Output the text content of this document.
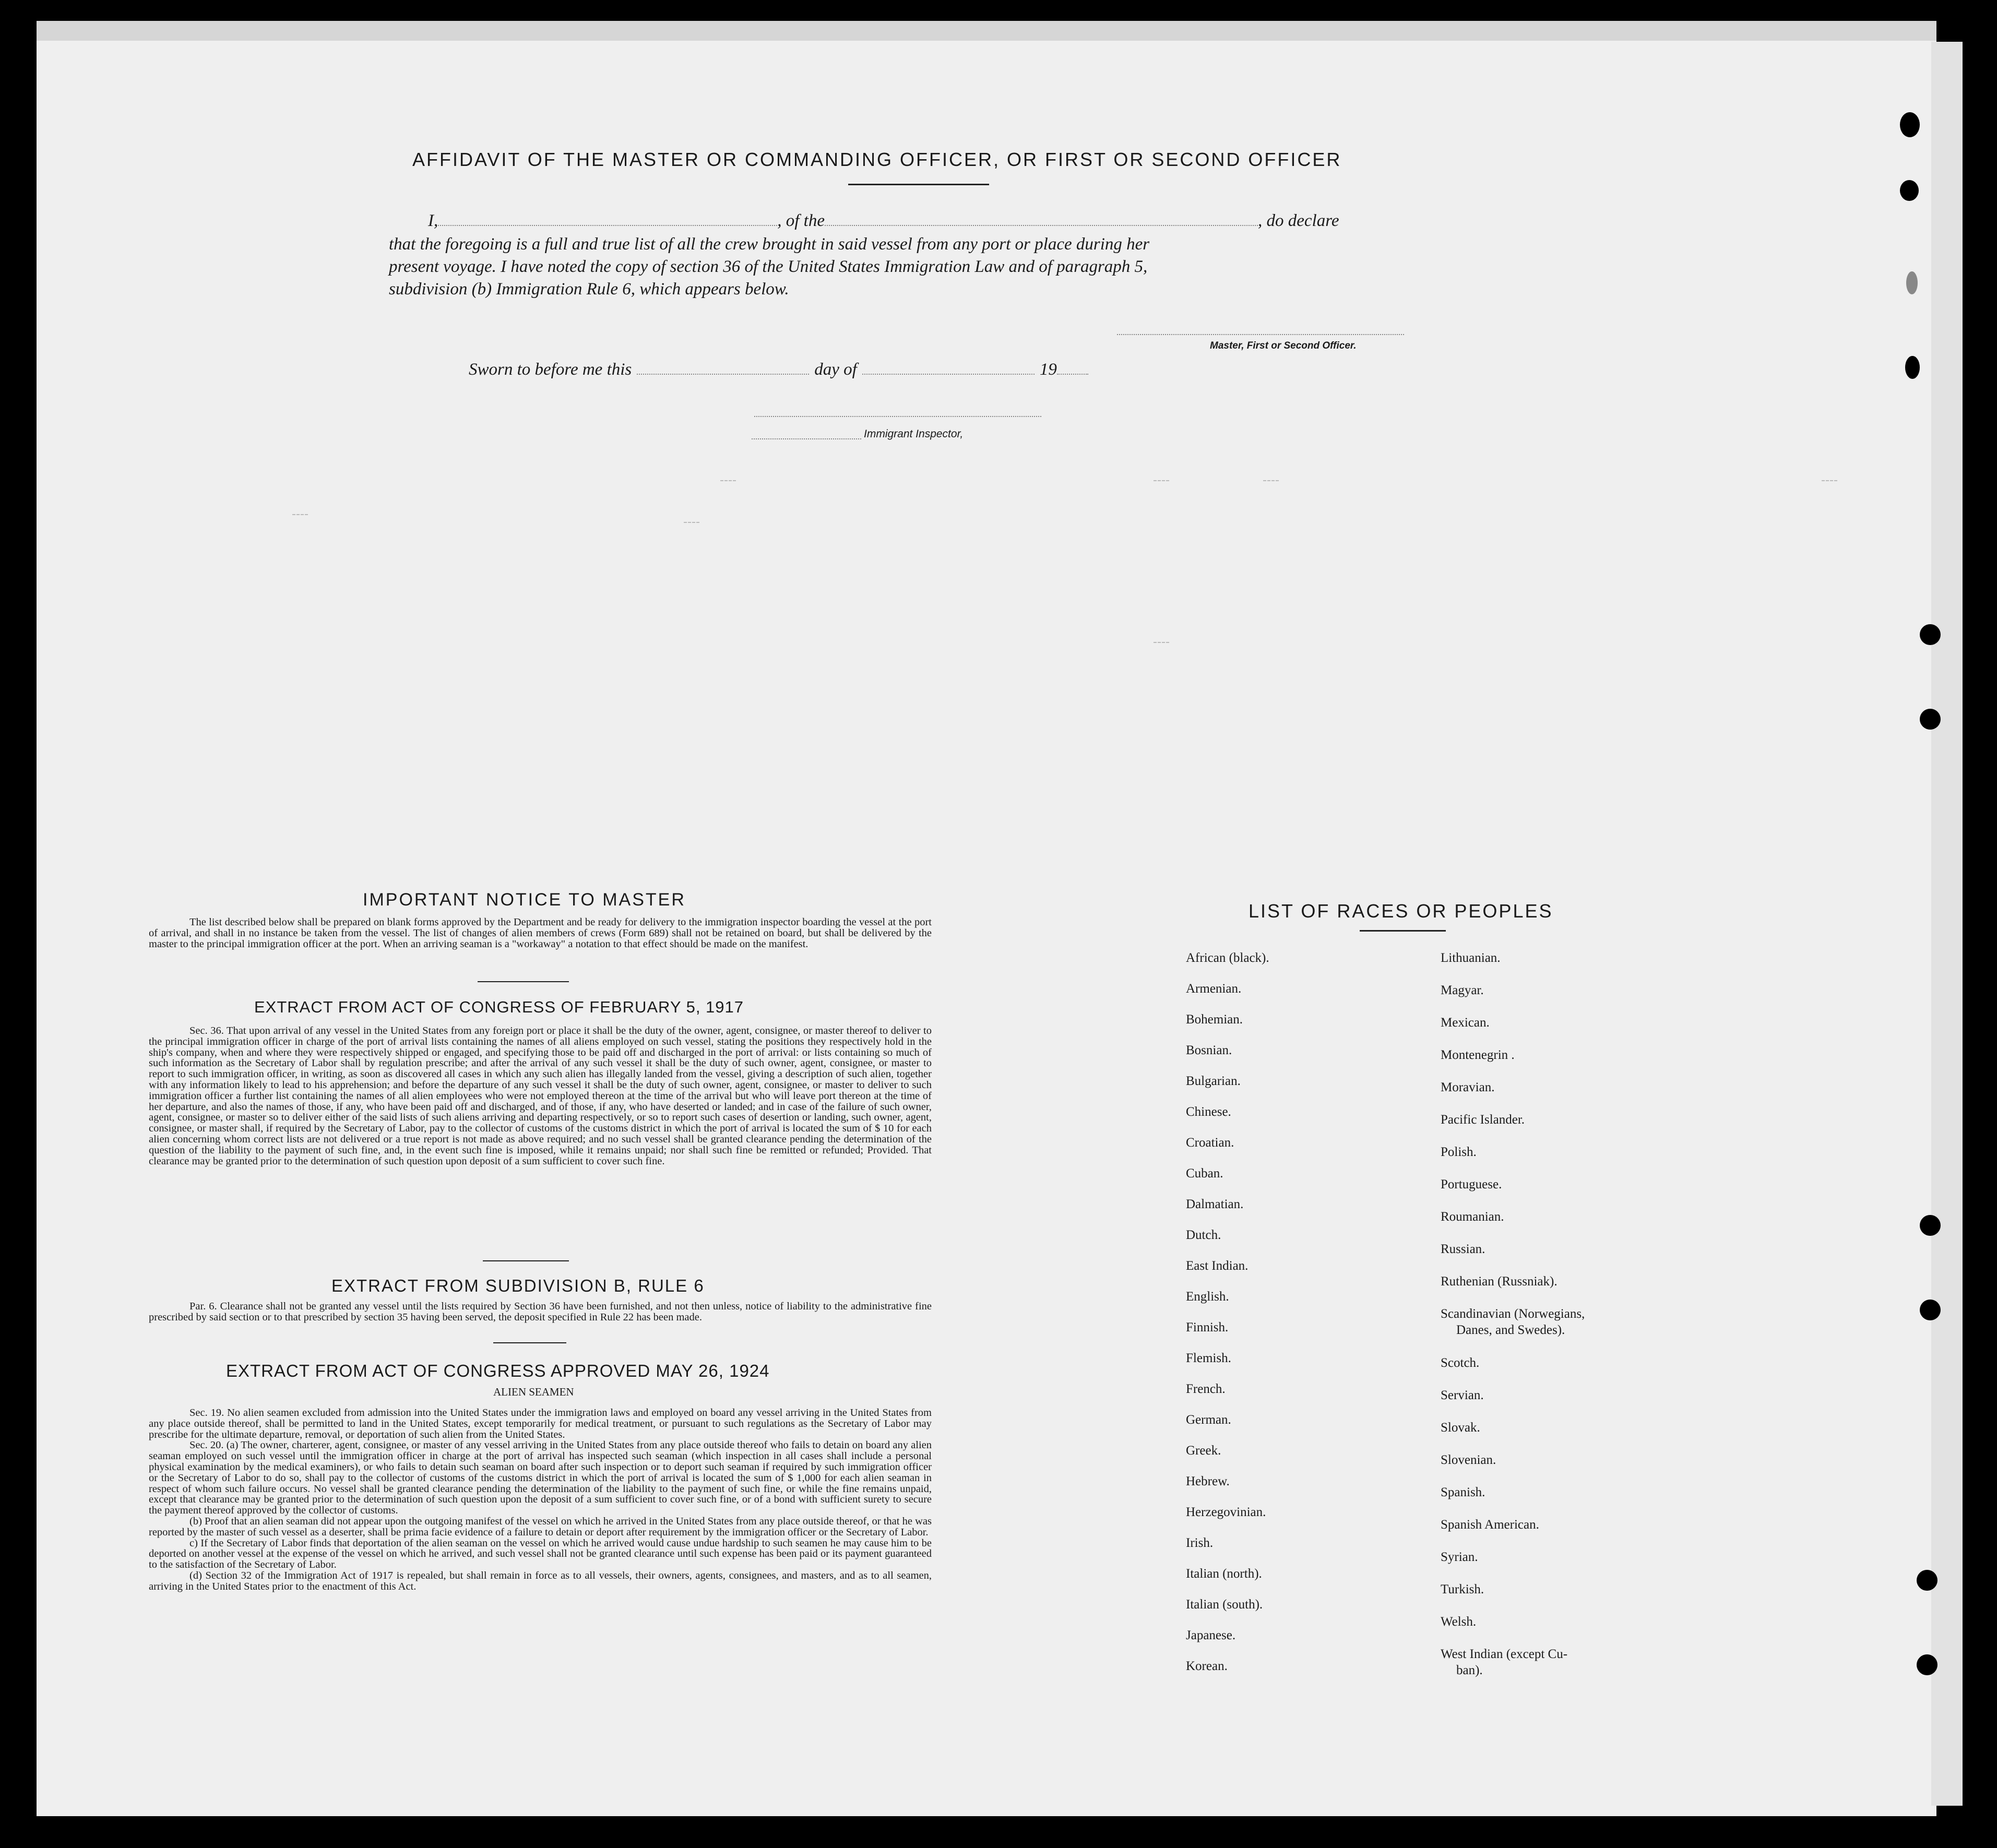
AFFIDAVIT OF THE MASTER OR COMMANDING OFFICER, OR FIRST OR SECOND OFFICER
I,	, of the	, do declare
that the foregoing is a full and true list of all the crew brought in said vessel from any port or place during her
present voyage. I have noted the copy of section 36 of the United States Immigration Law and of paragraph 5,
subdivision (b) Immigration Rule 6, which appears below.
Master, First or Second Officer.
Sworn to before me this	day of	19
Immigrant Inspector,
IMPORTANT NOTICE TO MASTER

The list described below shall be prepared on blank forms approved by the Department and be ready for delivery to the immigration inspector boarding the vessel at the port of arrival, and shall in no instance be taken from the vessel. The list of changes of alien members of crews (Form 689) shall not be retained on board, but shall be delivered by the master to the principal immigration officer at the port. When an arriving seaman is a "workaway" a notation to that effect should be made on the manifest.

EXTRACT FROM ACT OF CONGRESS OF FEBRUARY 5, 1917

Sec. 36. That upon arrival of any vessel in the United States from any foreign port or place it shall be the duty of the owner, agent, consignee, or master thereof to deliver to the principal immigration officer in charge of the port of arrival lists containing the names of all aliens employed on such vessel, stating the positions they respectively hold in the ship's company, when and where they were respectively shipped or engaged, and specifying those to be paid off and discharged in the port of arrival: or lists containing so much of such information as the Secretary of Labor shall by regulation prescribe; and after the arrival of any such vessel it shall be the duty of such owner, agent, consignee, or master to report to such immigration officer, in writing, as soon as discovered all cases in which any such alien has illegally landed from the vessel, giving a description of such alien, together with any information likely to lead to his apprehension; and before the departure of any such vessel it shall be the duty of such owner, agent, consignee, or master to deliver to such immigration officer a further list containing the names of all alien employees who were not employed thereon at the time of the arrival but who will leave port thereon at the time of her departure, and also the names of those, if any, who have been paid off and discharged, and of those, if any, who have deserted or landed; and in case of the failure of such owner, agent, consignee, or master so to deliver either of the said lists of such aliens arriving and departing respectively, or so to report such cases of desertion or landing, such owner, agent, consignee, or master shall, if required by the Secretary of Labor, pay to the collector of customs of the customs district in which the port of arrival is located the sum of $ 10 for each alien concerning whom correct lists are not delivered or a true report is not made as above required; and no such vessel shall be granted clearance pending the determination of the question of the liability to the payment of such fine, and, in the event such fine is imposed, while it remains unpaid; nor shall such fine be remitted or refunded; Provided. That clearance may be granted prior to the determination of such question upon deposit of a sum sufficient to cover such fine.

EXTRACT FROM SUBDIVISION B, RULE 6

Par. 6. Clearance shall not be granted any vessel until the lists required by Section 36 have been furnished, and not then unless, notice of liability to the administrative fine prescribed by said section or to that prescribed by section 35 having been served, the deposit specified in Rule 22 has been made.

EXTRACT FROM ACT OF CONGRESS APPROVED MAY 26, 1924
ALIEN SEAMEN

Sec. 19. No alien seamen excluded from admission into the United States under the immigration laws and employed on board any vessel arriving in the United States from any place outside thereof, shall be permitted to land in the United States, except temporarily for medical treatment, or pursuant to such regulations as the Secretary of Labor may prescribe for the ultimate departure, removal, or deportation of such alien from the United States.

Sec. 20. (a) The owner, charterer, agent, consignee, or master of any vessel arriving in the United States from any place outside thereof who fails to detain on board any alien seaman employed on such vessel until the immigration officer in charge at the port of arrival has inspected such seaman (which inspection in all cases shall include a personal physical examination by the medical examiners), or who fails to detain such seaman on board after such inspection or to deport such seaman if required by such immigration officer or the Secretary of Labor to do so, shall pay to the collector of customs of the customs district in which the port of arrival is located the sum of $ 1,000 for each alien seaman in respect of whom such failure occurs. No vessel shall be granted clearance pending the determination of the liability to the payment of such fine, or while the fine remains unpaid, except that clearance may be granted prior to the determination of such question upon the deposit of a sum sufficient to cover such fine, or of a bond with sufficient surety to secure the payment thereof approved by the collector of customs.

(b) Proof that an alien seaman did not appear upon the outgoing manifest of the vessel on which he arrived in the United States from any place outside thereof, or that he was reported by the master of such vessel as a deserter, shall be prima facie evidence of a failure to detain or deport after requirement by the immigration officer or the Secretary of Labor.

c) If the Secretary of Labor finds that deportation of the alien seaman on the vessel on which he arrived would cause undue hardship to such seamen he may cause him to be deported on another vessel at the expense of the vessel on which he arrived, and such vessel shall not be granted clearance until such expense has been paid or its payment guaranteed to the satisfaction of the Secretary of Labor.

(d) Section 32 of the Immigration Act of 1917 is repealed, but shall remain in force as to all vessels, their owners, agents, consignees, and masters, and as to all seamen, arriving in the United States prior to the enactment of this Act.

LIST OF RACES OR PEOPLES
African (black).
Armenian.
Bohemian.
Bosnian.
Bulgarian.
Chinese.
Croatian.
Cuban.
Dalmatian.
Dutch.
East Indian.
English.
Finnish.
Flemish.
French.
German.
Greek.
Hebrew.
Herzegovinian.
Irish.
Italian (north).
Italian (south).
Japanese.
Korean.
Lithuanian.
Magyar.
Mexican.
Montenegrin .
Moravian.
Pacific Islander.
Polish.
Portuguese.
Roumanian.
Russian.
Ruthenian (Russniak).
Scandinavian (Norwegians,
Danes, and Swedes).
Scotch.
Servian.
Slovak.
Slovenian.
Spanish.
Spanish American.
Syrian.
Turkish.
Welsh.
West Indian (except Cu-
ban).
